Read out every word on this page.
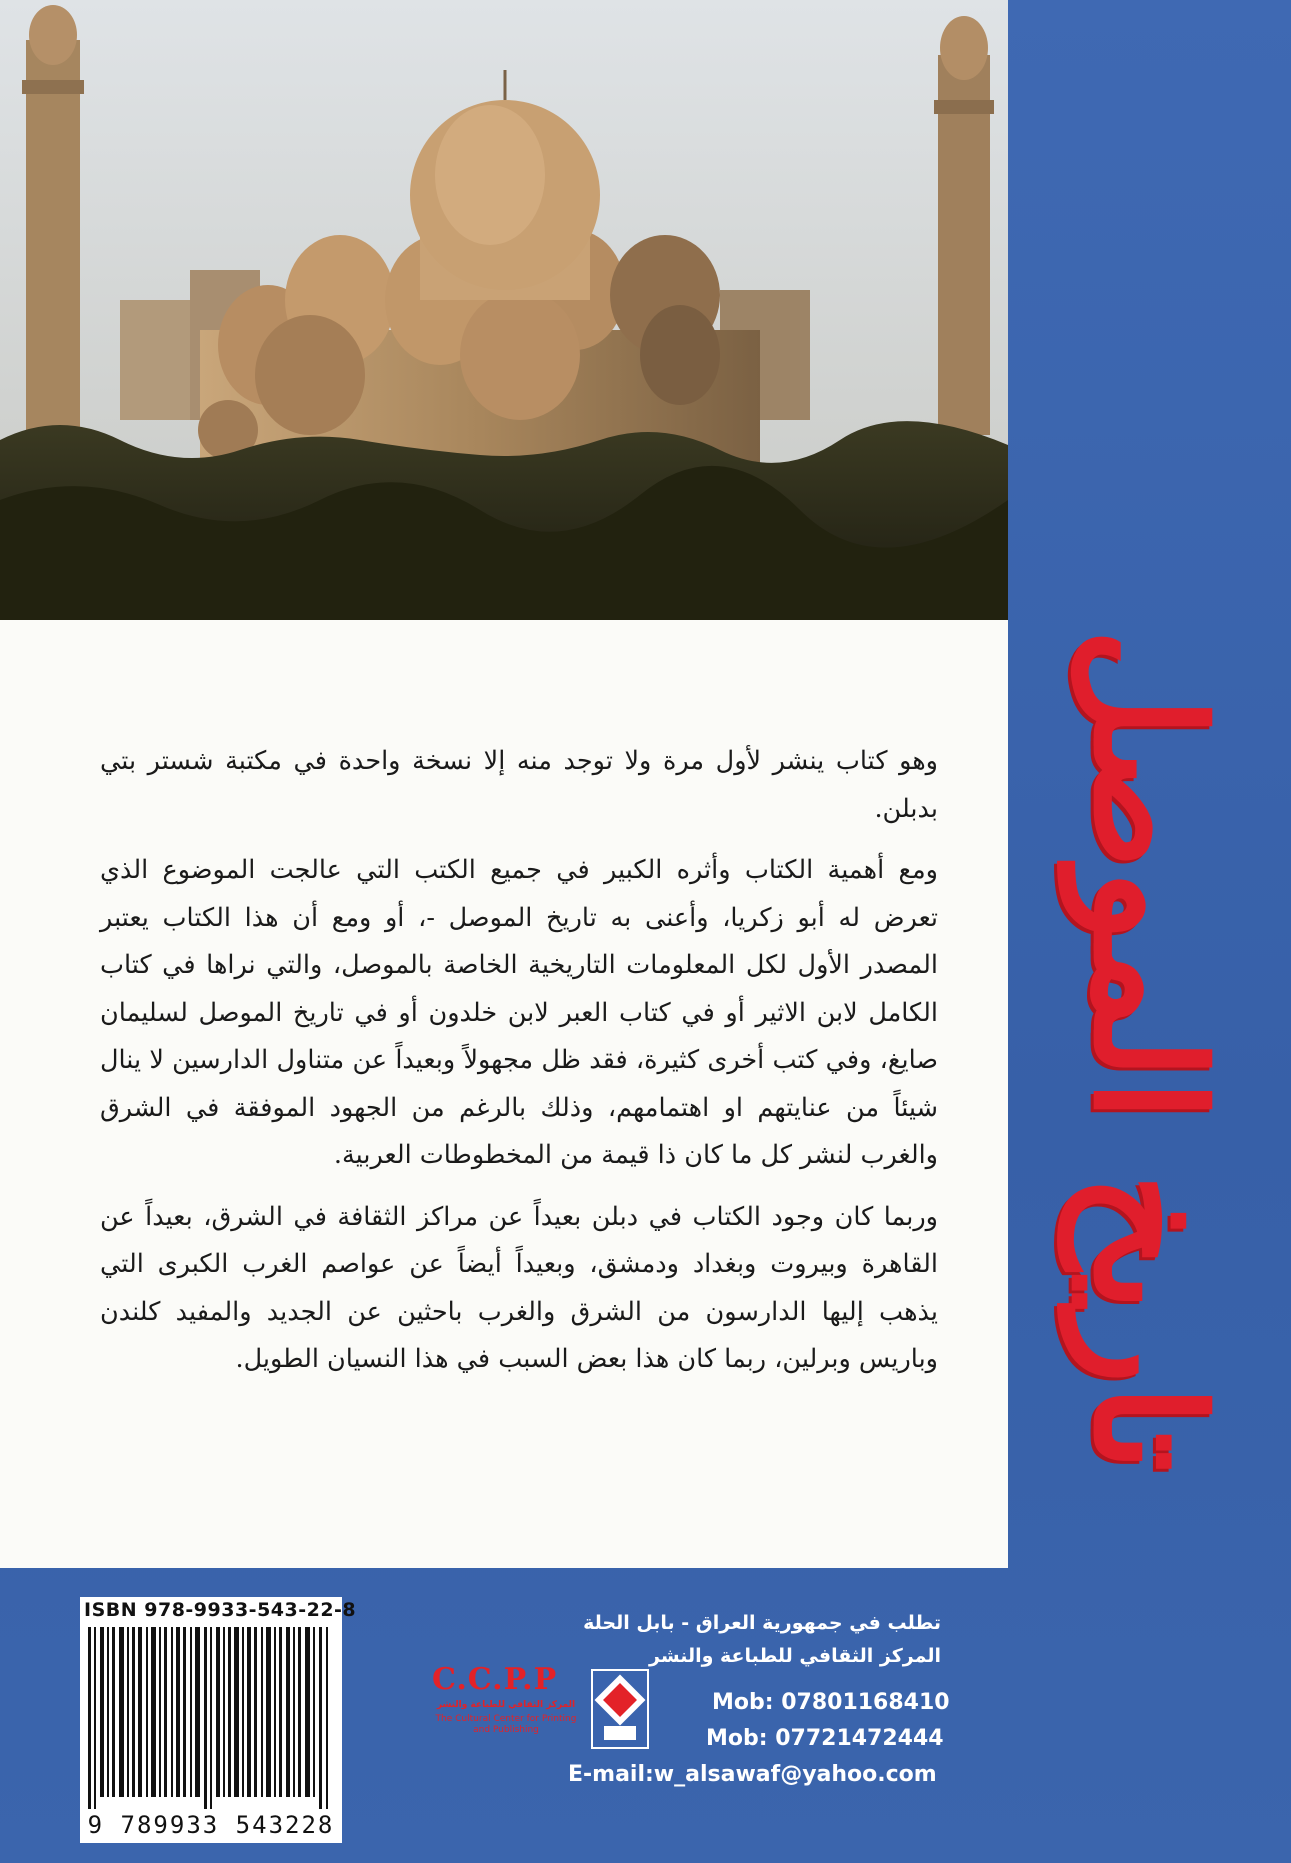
وهو كتاب ينشر لأول مرة ولا توجد منه إلا نسخة واحدة في مكتبة شستر بتي بدبلن.

ومع أهمية الكتاب وأثره الكبير في جميع الكتب التي عالجت الموضوع الذي تعرض له أبو زكريا، وأعنى به تاريخ الموصل -، أو ومع أن هذا الكتاب يعتبر المصدر الأول لكل المعلومات التاريخية الخاصة بالموصل، والتي نراها في كتاب الكامل لابن الاثير أو في كتاب العبر لابن خلدون أو في تاريخ الموصل لسليمان صايغ، وفي كتب أخرى كثيرة، فقد ظل مجهولاً وبعيداً عن متناول الدارسين لا ينال شيئاً من عنايتهم او اهتمامهم، وذلك بالرغم من الجهود الموفقة في الشرق والغرب لنشر كل ما كان ذا قيمة من المخطوطات العربية.

وربما كان وجود الكتاب في دبلن بعيداً عن مراكز الثقافة في الشرق، بعيداً عن القاهرة وبيروت وبغداد ودمشق، وبعيداً أيضاً عن عواصم الغرب الكبرى التي يذهب إليها الدارسون من الشرق والغرب باحثين عن الجديد والمفيد كلندن وباريس وبرلين، ربما كان هذا بعض السبب في هذا النسيان الطويل. تاريخ الموصل
ISBN 978-9933-543-22-8
9 789933 543228
C.C.P.P
المركز الثقافي للطباعة والنشر
The Cultural Center for Printing and Publishing
تطلب في جمهورية العراق - بابل الحلة
المركز الثقافي للطباعة والنشر
Mob: 07801168410
Mob: 07721472444
E-mail:w_alsawaf@yahoo.com
